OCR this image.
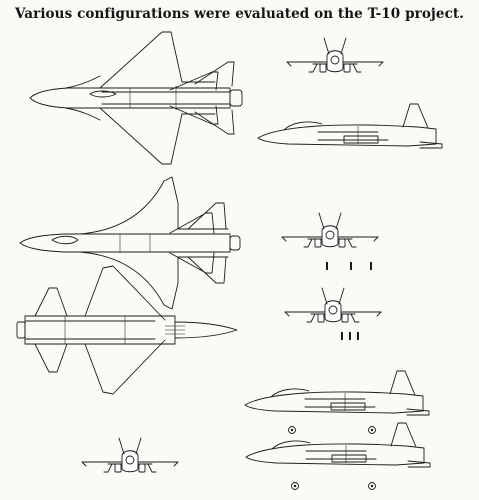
Various configurations were evaluated on the T-10 project.
